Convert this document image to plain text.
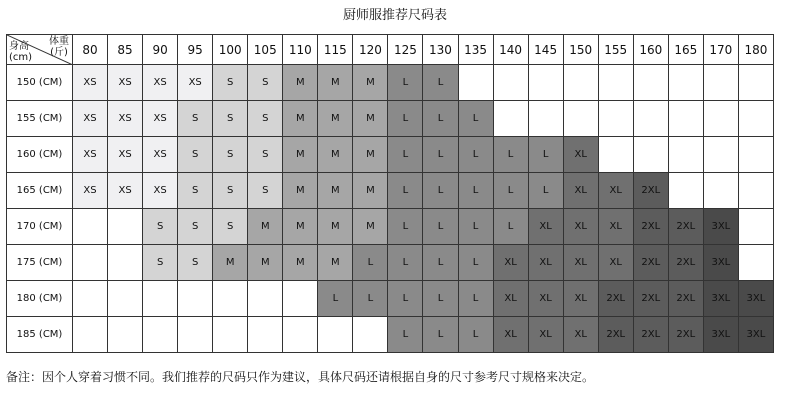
厨师服推荐尺码表
体重
(斤)
身高
(cm)	80	85	90	95	100	105	110	115	120	125	130	135	140	145	150	155	160	165	170	180
150 (CM)	XS	XS	XS	XS	S	S	M	M	M	L	L									
155 (CM)	XS	XS	XS	S	S	S	M	M	M	L	L	L								
160 (CM)	XS	XS	XS	S	S	S	M	M	M	L	L	L	L	L	XL					
165 (CM)	XS	XS	XS	S	S	S	M	M	M	L	L	L	L	L	XL	XL	2XL			
170 (CM)			S	S	S	M	M	M	M	L	L	L	L	XL	XL	XL	2XL	2XL	3XL	
175 (CM)			S	S	M	M	M	M	L	L	L	L	XL	XL	XL	XL	2XL	2XL	3XL	
180 (CM)								L	L	L	L	L	XL	XL	XL	2XL	2XL	2XL	3XL	3XL
185 (CM)										L	L	L	XL	XL	XL	2XL	2XL	2XL	3XL	3XL
备注：因个人穿着习惯不同。我们推荐的尺码只作为建议，具体尺码还请根据自身的尺寸参考尺寸规格来决定。
